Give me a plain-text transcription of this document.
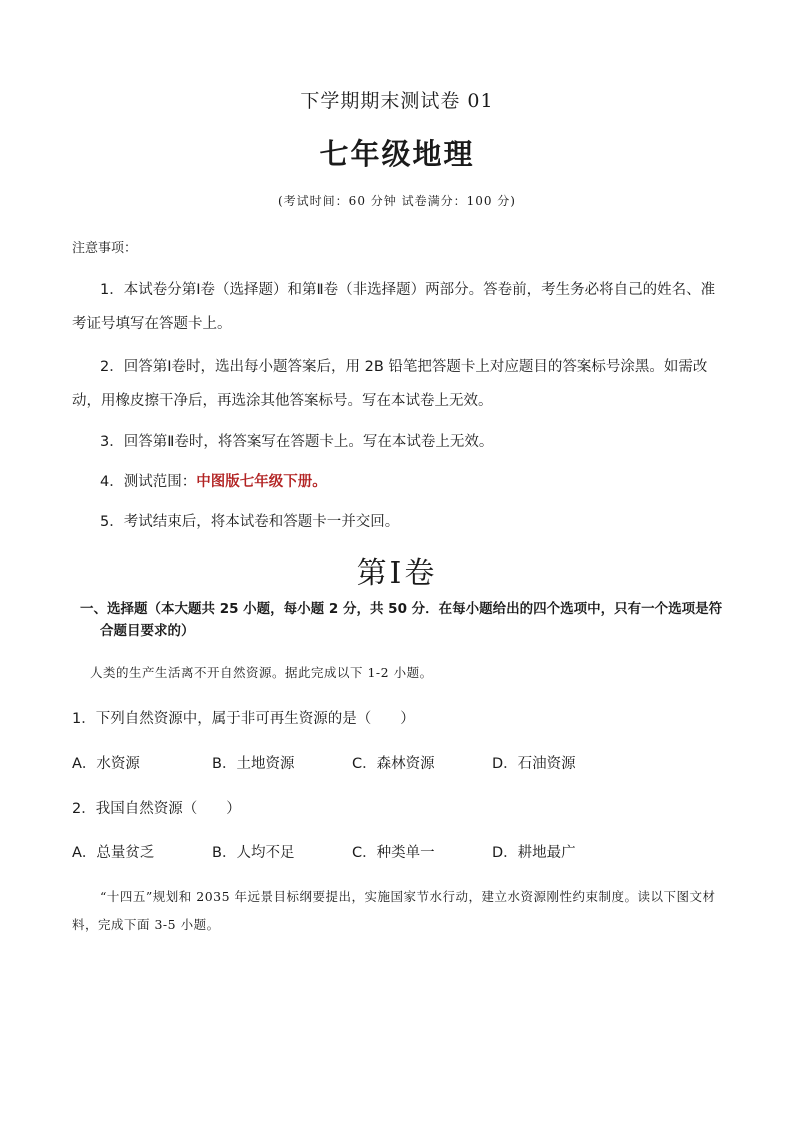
下学期期末测试卷 01
七年级地理
(考试时间：60 分钟 试卷满分：100 分)
注意事项：
1．本试卷分第Ⅰ卷（选择题）和第Ⅱ卷（非选择题）两部分。答卷前，考生务必将自己的姓名、准考证号填写在答题卡上。
2．回答第Ⅰ卷时，选出每小题答案后，用 2B 铅笔把答题卡上对应题目的答案标号涂黑。如需改动，用橡皮擦干净后，再选涂其他答案标号。写在本试卷上无效。
3．回答第Ⅱ卷时，将答案写在答题卡上。写在本试卷上无效。
4．测试范围：中图版七年级下册。
5．考试结束后，将本试卷和答题卡一并交回。
第Ⅰ卷
一、选择题（本大题共 25 小题，每小题 2 分，共 50 分．在每小题给出的四个选项中，只有一个选项是符合题目要求的）
人类的生产生活离不开自然资源。据此完成以下 1-2 小题。
1．下列自然资源中，属于非可再生资源的是（　　）
A．水资源	B．土地资源	C．森林资源	D．石油资源
2．我国自然资源（　　）
A．总量贫乏	B．人均不足	C．种类单一	D．耕地最广
“十四五”规划和 2035 年远景目标纲要提出，实施国家节水行动，建立水资源刚性约束制度。读以下图文材料，完成下面 3-5 小题。
